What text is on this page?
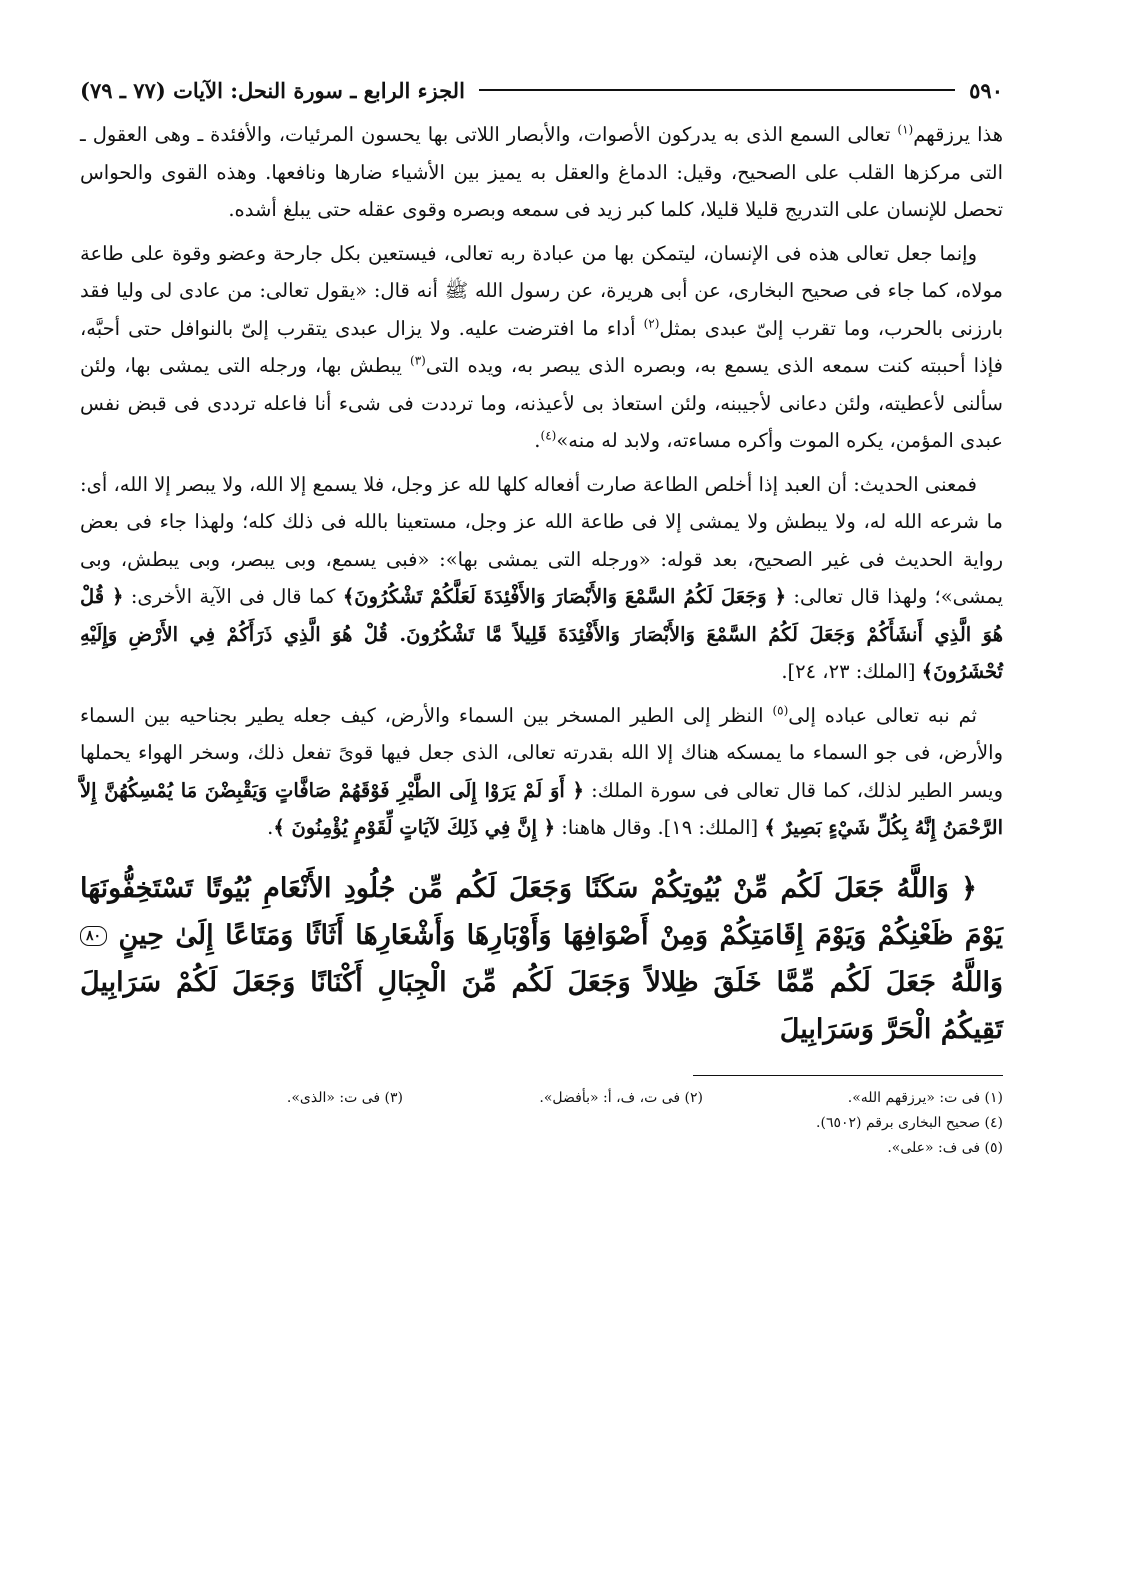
٥٩٠
الجزء الرابع ـ سورة النحل: الآيات (٧٧ ـ ٧٩)

هذا يرزقهم$^{(١)}$ تعالى السمع الذى به يدركون الأصوات، والأبصار اللاتى بها يحسون المرئيات، والأفئدة ـ وهى العقول ـ التى مركزها القلب على الصحيح، وقيل: الدماغ والعقل به يميز بين الأشياء ضارها ونافعها. وهذه القوى والحواس تحصل للإنسان على التدريج قليلا قليلا، كلما كبر زيد فى سمعه وبصره وقوى عقله حتى يبلغ أشده.

وإنما جعل تعالى هذه فى الإنسان، ليتمكن بها من عبادة ربه تعالى، فيستعين بكل جارحة وعضو وقوة على طاعة مولاه، كما جاء فى صحيح البخارى، عن أبى هريرة، عن رسول الله ﷺ أنه قال: «يقول تعالى: من عادى لى وليا فقد بارزنى بالحرب، وما تقرب إلىّ عبدى بمثل$^{(٢)}$ أداء ما افترضت عليه. ولا يزال عبدى يتقرب إلىّ بالنوافل حتى أحبَّه، فإذا أحببته كنت سمعه الذى يسمع به، وبصره الذى يبصر به، ويده التى$^{(٣)}$ يبطش بها، ورجله التى يمشى بها، ولئن سألنى لأعطيته، ولئن دعانى لأجيبنه، ولئن استعاذ بى لأعيذنه، وما ترددت فى شىء أنا فاعله ترددى فى قبض نفس عبدى المؤمن، يكره الموت وأكره مساءته، ولابد له منه»$^{(٤)}$.

فمعنى الحديث: أن العبد إذا أخلص الطاعة صارت أفعاله كلها لله عز وجل، فلا يسمع إلا الله، ولا يبصر إلا الله، أى: ما شرعه الله له، ولا يبطش ولا يمشى إلا فى طاعة الله عز وجل، مستعينا بالله فى ذلك كله؛ ولهذا جاء فى بعض رواية الحديث فى غير الصحيح، بعد قوله: «ورجله التى يمشى بها»: «فبى يسمع، وبى يبصر، وبى يبطش، وبى يمشى»؛ ولهذا قال تعالى: ﴿ وَجَعَلَ لَكُمُ السَّمْعَ وَالأَبْصَارَ وَالأَفْئِدَةَ لَعَلَّكُمْ تَشْكُرُونَ﴾ كما قال فى الآية الأخرى: ﴿ قُلْ هُوَ الَّذِي أَنشَأَكُمْ وَجَعَلَ لَكُمُ السَّمْعَ وَالأَبْصَارَ وَالأَفْئِدَةَ قَلِيلاً مَّا تَشْكُرُونَ. قُلْ هُوَ الَّذِي ذَرَأَكُمْ فِي الأَرْضِ وَإِلَيْهِ تُحْشَرُونَ﴾ [الملك: ٢٣، ٢٤].

ثم نبه تعالى عباده إلى$^{(٥)}$ النظر إلى الطير المسخر بين السماء والأرض، كيف جعله يطير بجناحيه بين السماء والأرض، فى جو السماء ما يمسكه هناك إلا الله بقدرته تعالى، الذى جعل فيها قوىً تفعل ذلك، وسخر الهواء يحملها ويسر الطير لذلك، كما قال تعالى فى سورة الملك: ﴿ أَوَ لَمْ يَرَوْا إِلَى الطَّيْرِ فَوْقَهُمْ صَافَّاتٍ وَيَقْبِضْنَ مَا يُمْسِكُهُنَّ إِلاَّ الرَّحْمَنُ إِنَّهُ بِكُلِّ شَيْءٍ بَصِيرٌ ﴾ [الملك: ١٩]. وقال هاهنا: ﴿ إِنَّ فِي ذَلِكَ لآيَاتٍ لِّقَوْمٍ يُؤْمِنُونَ ﴾.

﴿ وَاللَّهُ جَعَلَ لَكُم مِّنْ بُيُوتِكُمْ سَكَنًا وَجَعَلَ لَكُم مِّن جُلُودِ الأَنْعَامِ بُيُوتًا تَسْتَخِفُّونَهَا يَوْمَ ظَعْنِكُمْ وَيَوْمَ إِقَامَتِكُمْ وَمِنْ أَصْوَافِهَا وَأَوْبَارِهَا وَأَشْعَارِهَا أَثَاثًا وَمَتَاعًا إِلَىٰ حِينٍ ٨٠ وَاللَّهُ جَعَلَ لَكُم مِّمَّا خَلَقَ ظِلالاً وَجَعَلَ لَكُم مِّنَ الْجِبَالِ أَكْنَانًا وَجَعَلَ لَكُمْ سَرَابِيلَ تَقِيكُمُ الْحَرَّ وَسَرَابِيلَ
(١) فى ت: «يرزقهم الله».
(٢) فى ت، ف، أ: «بأفضل».
(٣) فى ت: «الذى».
(٤) صحيح البخارى برقم (٦٥٠٢).
(٥) فى ف: «على».
